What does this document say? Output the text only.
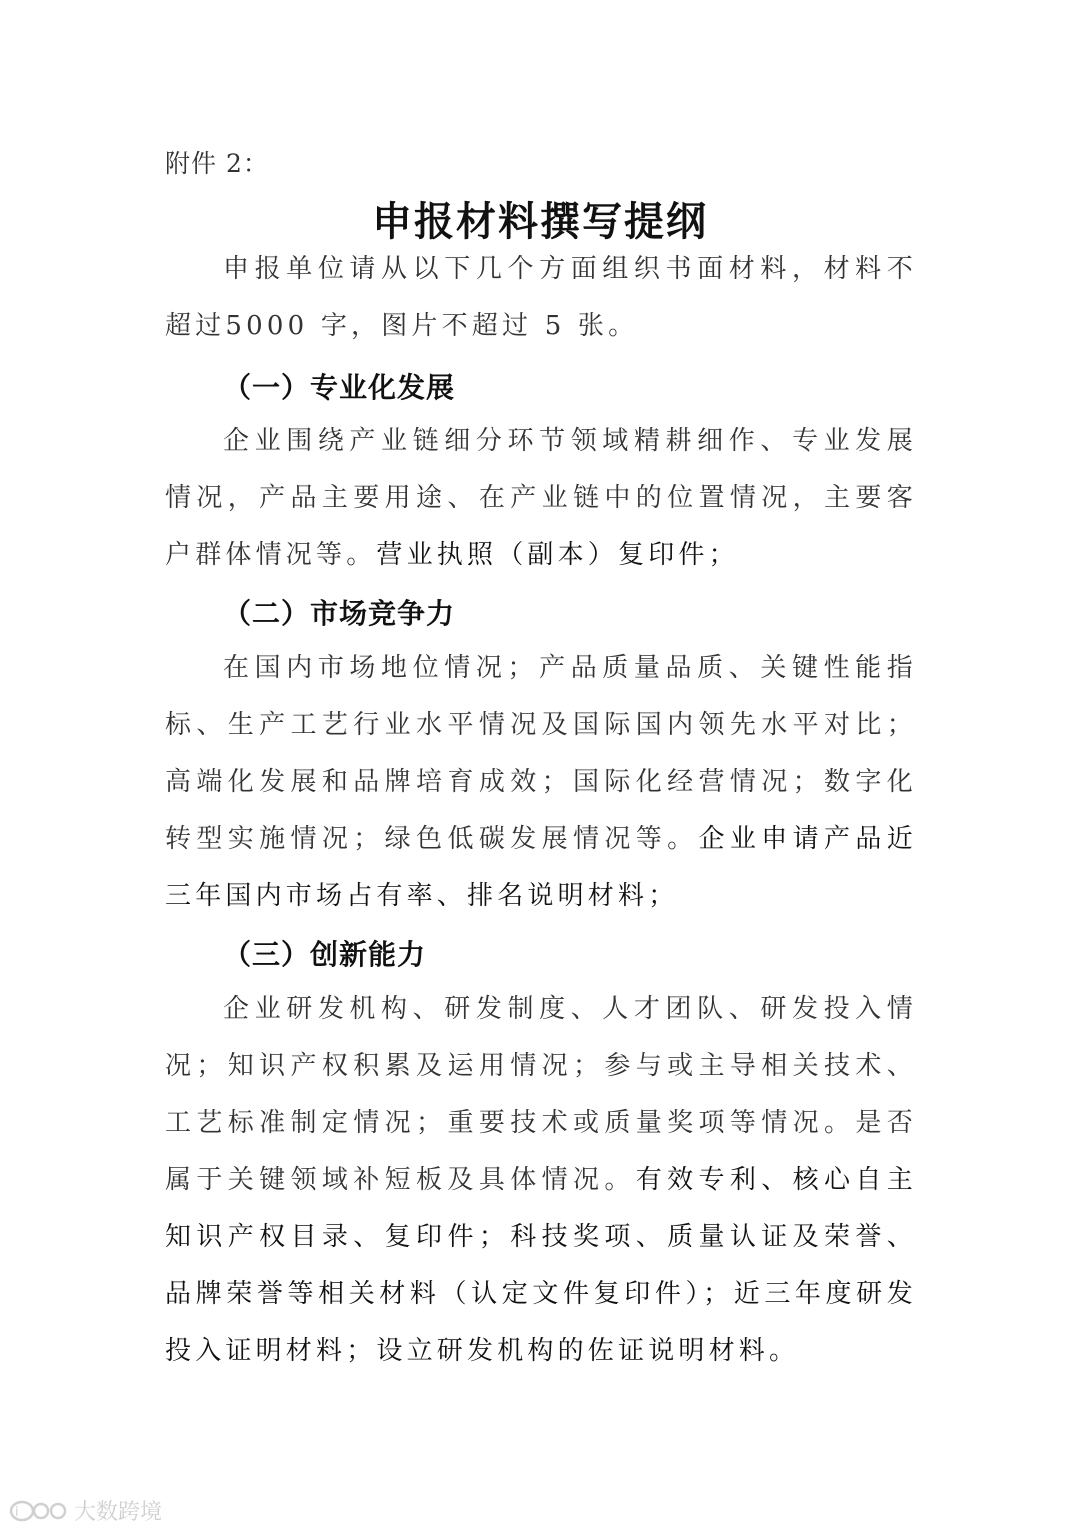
附件 2：
申报材料撰写提纲

申报单位请从以下几个方面组织书面材料，材料不超过5000 字，图片不超过 5 张。

（一）专业化发展

企业围绕产业链细分环节领域精耕细作、专业发展情况，产品主要用途、在产业链中的位置情况，主要客户群体情况等。营业执照（副本）复印件；

（二）市场竞争力

在国内市场地位情况；产品质量品质、关键性能指标、生产工艺行业水平情况及国际国内领先水平对比；高端化发展和品牌培育成效；国际化经营情况；数字化转型实施情况；绿色低碳发展情况等。企业申请产品近三年国内市场占有率、排名说明材料；

（三）创新能力

企业研发机构、研发制度、人才团队、研发投入情况；知识产权积累及运用情况；参与或主导相关技术、工艺标准制定情况；重要技术或质量奖项等情况。是否属于关键领域补短板及具体情况。有效专利、核心自主知识产权目录、复印件；科技奖项、质量认证及荣誉、品牌荣誉等相关材料（认定文件复印件）；近三年度研发投入证明材料；设立研发机构的佐证说明材料。

i	大数跨境
